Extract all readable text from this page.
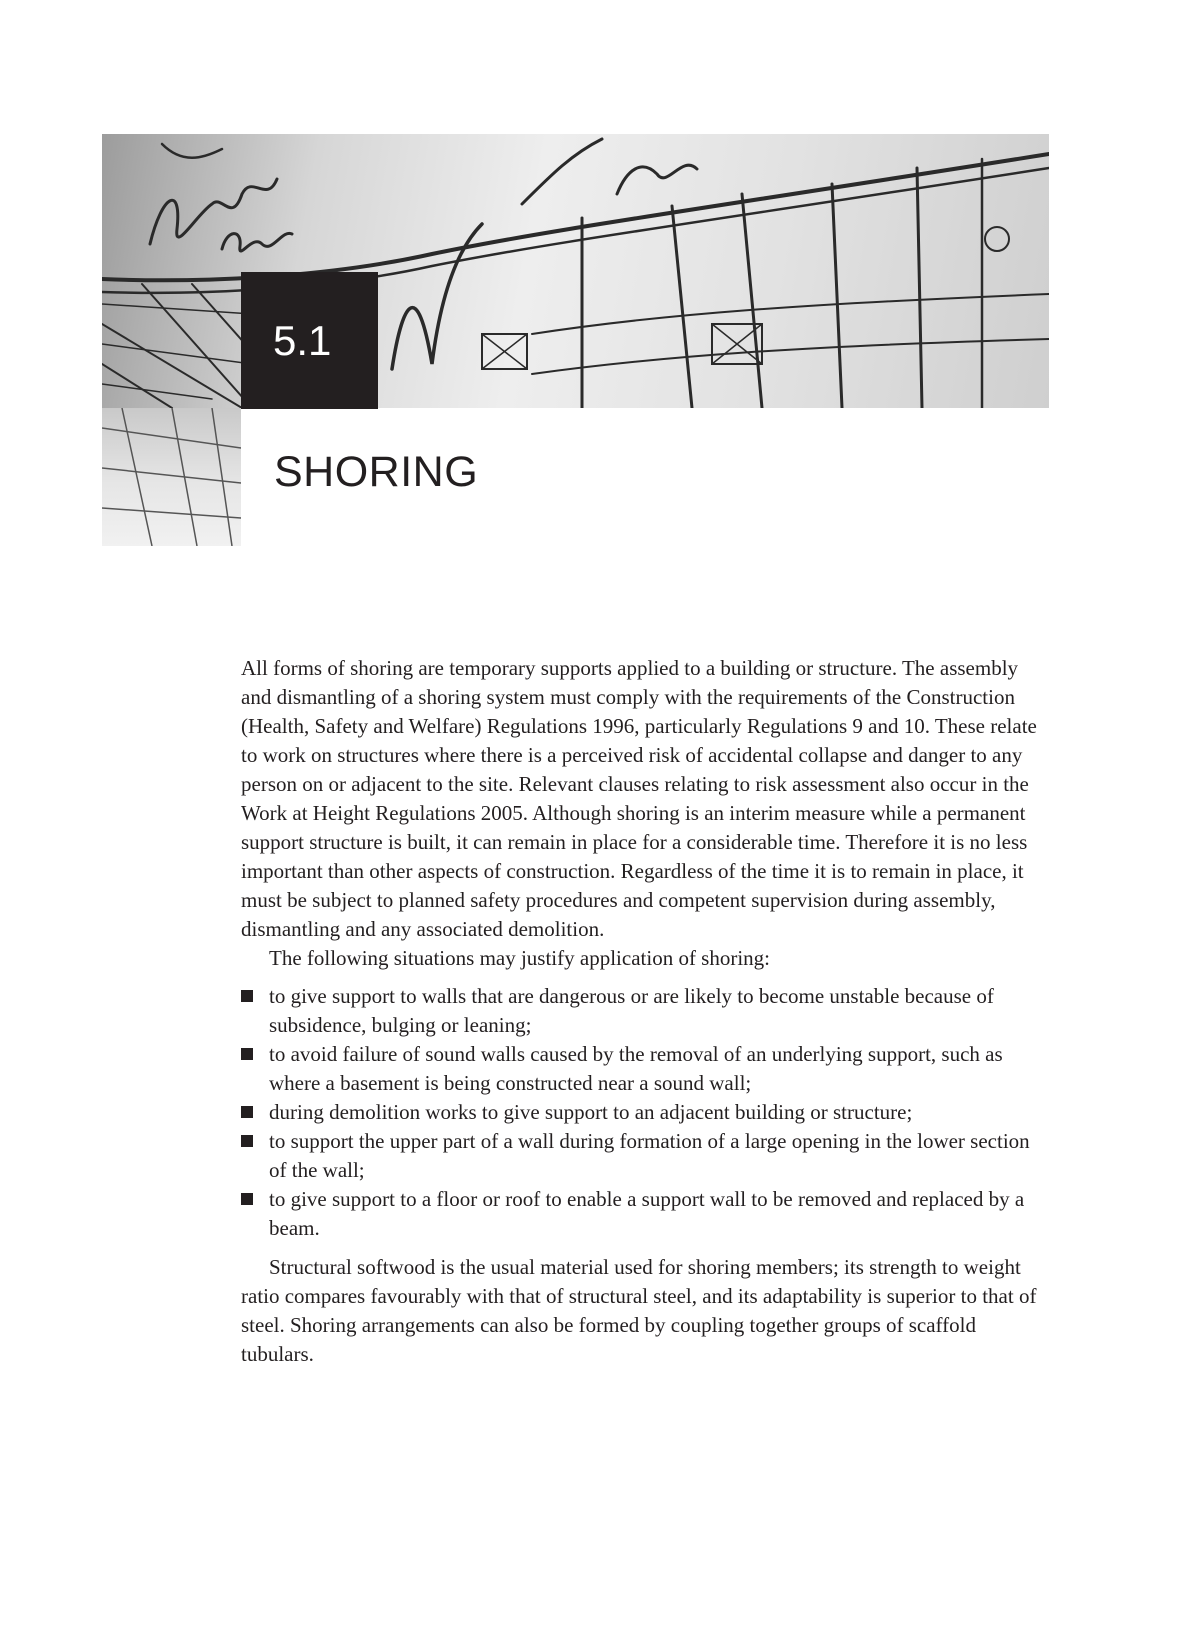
5.1
SHORING

All forms of shoring are temporary supports applied to a building or structure. The assembly and dismantling of a shoring system must comply with the requirements of the Construction (Health, Safety and Welfare) Regulations 1996, particularly Regulations 9 and 10. These relate to work on structures where there is a perceived risk of accidental collapse and danger to any person on or adjacent to the site. Relevant clauses relating to risk assessment also occur in the Work at Height Regulations 2005. Although shoring is an interim measure while a permanent support structure is built, it can remain in place for a considerable time. Therefore it is no less important than other aspects of construction. Regardless of the time it is to remain in place, it must be subject to planned safety procedures and competent supervision during assembly, dismantling and any associated demolition.

The following situations may justify application of shoring:

to give support to walls that are dangerous or are likely to become unstable because of subsidence, bulging or leaning;
to avoid failure of sound walls caused by the removal of an underlying support, such as where a basement is being constructed near a sound wall;
during demolition works to give support to an adjacent building or structure;
to support the upper part of a wall during formation of a large opening in the lower section of the wall;
to give support to a floor or roof to enable a support wall to be removed and replaced by a beam.

Structural softwood is the usual material used for shoring members; its strength to weight ratio compares favourably with that of structural steel, and its adaptability is superior to that of steel. Shoring arrangements can also be formed by coupling together groups of scaffold tubulars.
